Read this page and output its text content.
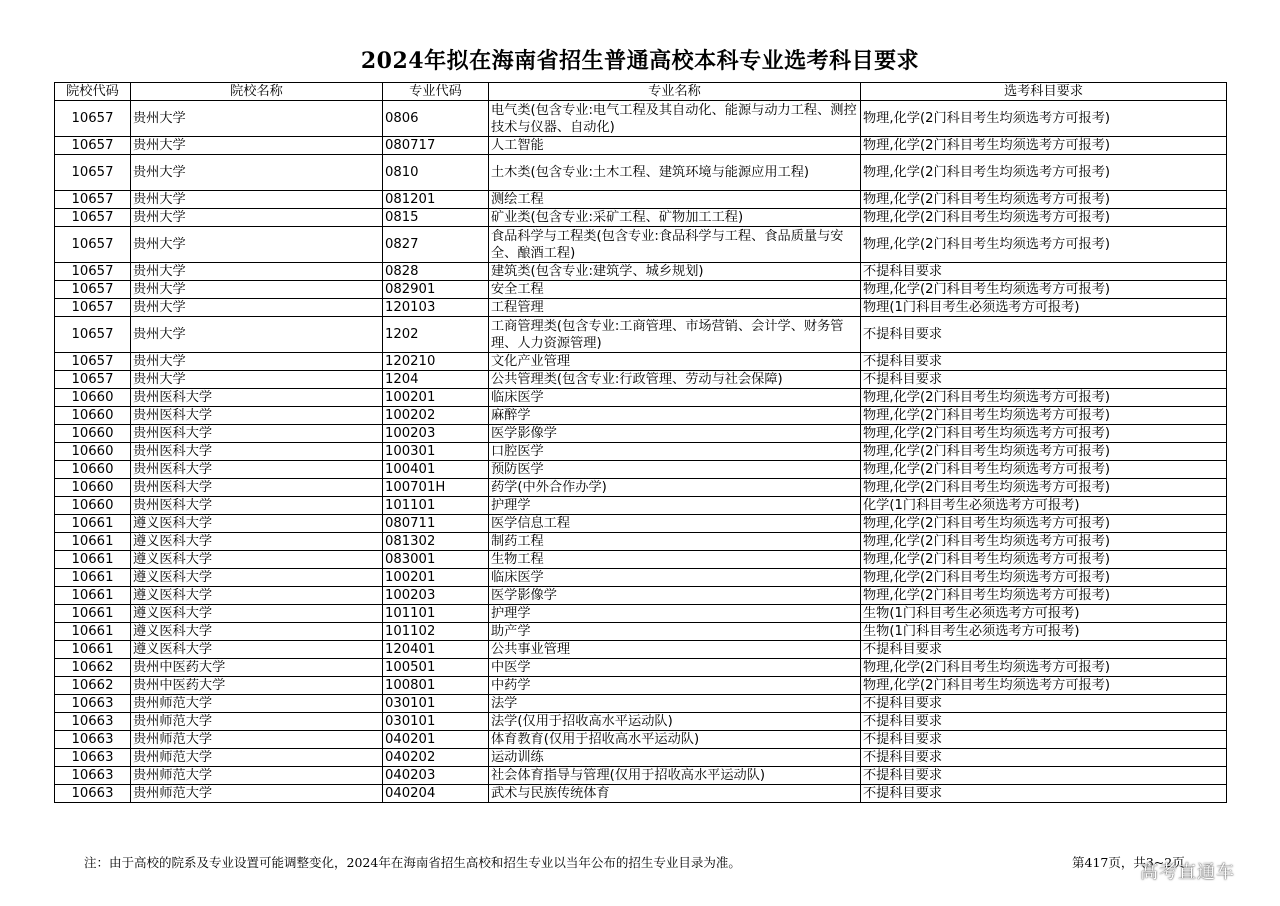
2024年拟在海南省招生普通高校本科专业选考科目要求
院校代码	院校名称	专业代码	专业名称	选考科目要求
10657	贵州大学	0806	电气类(包含专业:电气工程及其自动化、能源与动力工程、测控技术与仪器、自动化)	物理,化学(2门科目考生均须选考方可报考)
10657	贵州大学	080717	人工智能	物理,化学(2门科目考生均须选考方可报考)
10657	贵州大学	0810	土木类(包含专业:土木工程、建筑环境与能源应用工程)	物理,化学(2门科目考生均须选考方可报考)
10657	贵州大学	081201	测绘工程	物理,化学(2门科目考生均须选考方可报考)
10657	贵州大学	0815	矿业类(包含专业:采矿工程、矿物加工工程)	物理,化学(2门科目考生均须选考方可报考)
10657	贵州大学	0827	食品科学与工程类(包含专业:食品科学与工程、食品质量与安全、酿酒工程)	物理,化学(2门科目考生均须选考方可报考)
10657	贵州大学	0828	建筑类(包含专业:建筑学、城乡规划)	不提科目要求
10657	贵州大学	082901	安全工程	物理,化学(2门科目考生均须选考方可报考)
10657	贵州大学	120103	工程管理	物理(1门科目考生必须选考方可报考)
10657	贵州大学	1202	工商管理类(包含专业:工商管理、市场营销、会计学、财务管理、人力资源管理)	不提科目要求
10657	贵州大学	120210	文化产业管理	不提科目要求
10657	贵州大学	1204	公共管理类(包含专业:行政管理、劳动与社会保障)	不提科目要求
10660	贵州医科大学	100201	临床医学	物理,化学(2门科目考生均须选考方可报考)
10660	贵州医科大学	100202	麻醉学	物理,化学(2门科目考生均须选考方可报考)
10660	贵州医科大学	100203	医学影像学	物理,化学(2门科目考生均须选考方可报考)
10660	贵州医科大学	100301	口腔医学	物理,化学(2门科目考生均须选考方可报考)
10660	贵州医科大学	100401	预防医学	物理,化学(2门科目考生均须选考方可报考)
10660	贵州医科大学	100701H	药学(中外合作办学)	物理,化学(2门科目考生均须选考方可报考)
10660	贵州医科大学	101101	护理学	化学(1门科目考生必须选考方可报考)
10661	遵义医科大学	080711	医学信息工程	物理,化学(2门科目考生均须选考方可报考)
10661	遵义医科大学	081302	制药工程	物理,化学(2门科目考生均须选考方可报考)
10661	遵义医科大学	083001	生物工程	物理,化学(2门科目考生均须选考方可报考)
10661	遵义医科大学	100201	临床医学	物理,化学(2门科目考生均须选考方可报考)
10661	遵义医科大学	100203	医学影像学	物理,化学(2门科目考生均须选考方可报考)
10661	遵义医科大学	101101	护理学	生物(1门科目考生必须选考方可报考)
10661	遵义医科大学	101102	助产学	生物(1门科目考生必须选考方可报考)
10661	遵义医科大学	120401	公共事业管理	不提科目要求
10662	贵州中医药大学	100501	中医学	物理,化学(2门科目考生均须选考方可报考)
10662	贵州中医药大学	100801	中药学	物理,化学(2门科目考生均须选考方可报考)
10663	贵州师范大学	030101	法学	不提科目要求
10663	贵州师范大学	030101	法学(仅用于招收高水平运动队)	不提科目要求
10663	贵州师范大学	040201	体育教育(仅用于招收高水平运动队)	不提科目要求
10663	贵州师范大学	040202	运动训练	不提科目要求
10663	贵州师范大学	040203	社会体育指导与管理(仅用于招收高水平运动队)	不提科目要求
10663	贵州师范大学	040204	武术与民族传统体育	不提科目要求
注：由于高校的院系及专业设置可能调整变化，2024年在海南省招生高校和招生专业以当年公布的招生专业目录为准。	第417页，共3~2页
高考直通车
